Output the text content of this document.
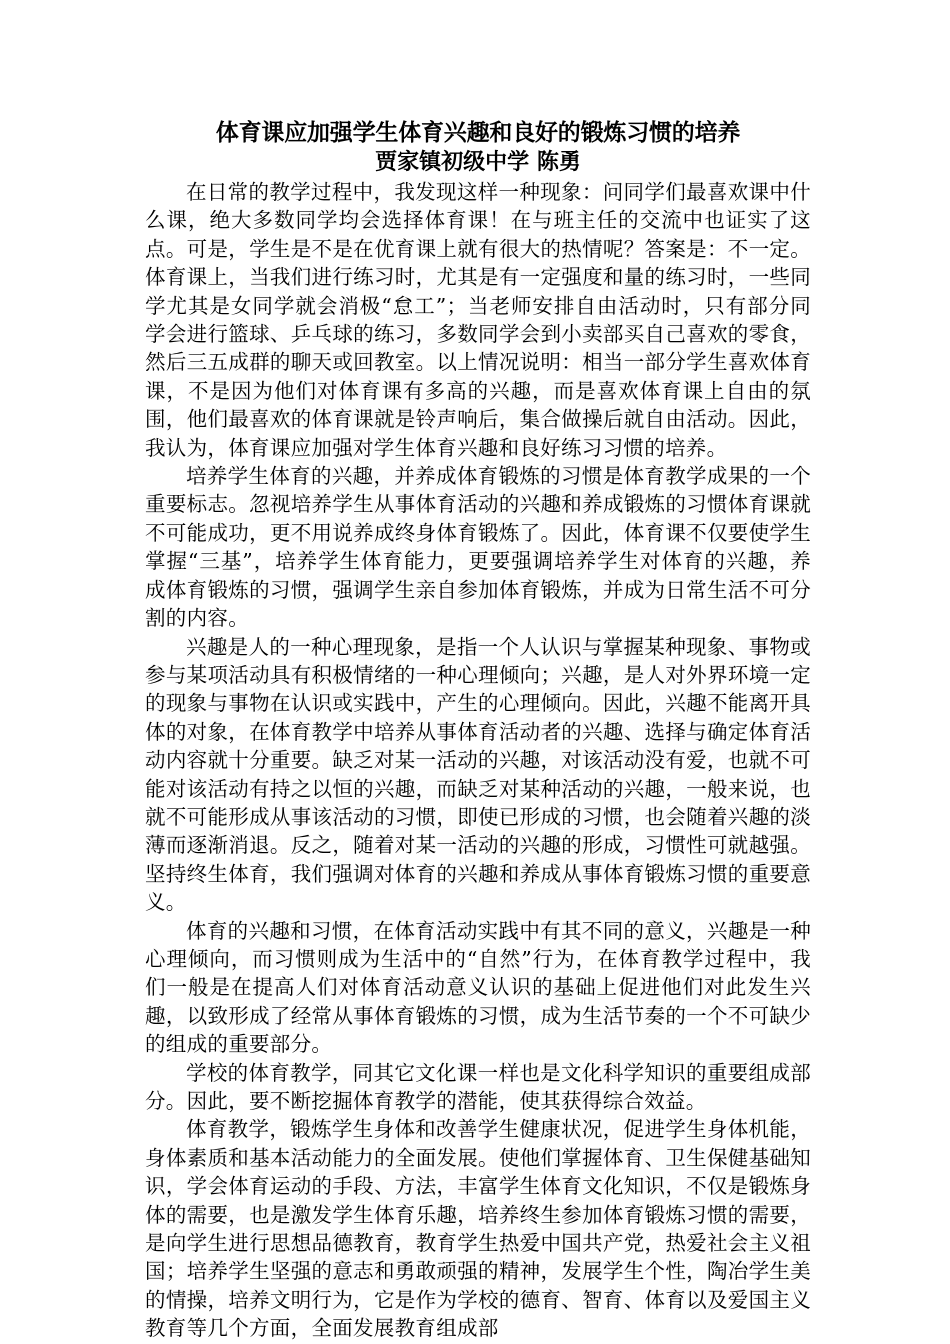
体育课应加强学生体育兴趣和良好的锻炼习惯的培养
贾家镇初级中学 陈勇

在日常的教学过程中，我发现这样一种现象：问同学们最喜欢课中什么课，绝大多数同学均会选择体育课！在与班主任的交流中也证实了这点。可是，学生是不是在优育课上就有很大的热情呢？答案是：不一定。体育课上，当我们进行练习时，尤其是有一定强度和量的练习时，一些同学尤其是女同学就会消极“怠工”；当老师安排自由活动时，只有部分同学会进行篮球、乒乓球的练习，多数同学会到小卖部买自己喜欢的零食，然后三五成群的聊天或回教室。以上情况说明：相当一部分学生喜欢体育课，不是因为他们对体育课有多高的兴趣，而是喜欢体育课上自由的氛围，他们最喜欢的体育课就是铃声响后，集合做操后就自由活动。因此，我认为，体育课应加强对学生体育兴趣和良好练习习惯的培养。

培养学生体育的兴趣，并养成体育锻炼的习惯是体育教学成果的一个重要标志。忽视培养学生从事体育活动的兴趣和养成锻炼的习惯体育课就不可能成功，更不用说养成终身体育锻炼了。因此，体育课不仅要使学生掌握“三基”，培养学生体育能力，更要强调培养学生对体育的兴趣，养成体育锻炼的习惯，强调学生亲自参加体育锻炼，并成为日常生活不可分割的内容。

兴趣是人的一种心理现象，是指一个人认识与掌握某种现象、事物或参与某项活动具有积极情绪的一种心理倾向；兴趣，是人对外界环境一定的现象与事物在认识或实践中，产生的心理倾向。因此，兴趣不能离开具体的对象，在体育教学中培养从事体育活动者的兴趣、选择与确定体育活动内容就十分重要。缺乏对某一活动的兴趣，对该活动没有爱，也就不可能对该活动有持之以恒的兴趣，而缺乏对某种活动的兴趣，一般来说，也就不可能形成从事该活动的习惯，即使已形成的习惯，也会随着兴趣的淡薄而逐渐消退。反之，随着对某一活动的兴趣的形成，习惯性可就越强。坚持终生体育，我们强调对体育的兴趣和养成从事体育锻炼习惯的重要意义。

体育的兴趣和习惯，在体育活动实践中有其不同的意义，兴趣是一种心理倾向，而习惯则成为生活中的“自然”行为，在体育教学过程中，我们一般是在提高人们对体育活动意义认识的基础上促进他们对此发生兴趣，以致形成了经常从事体育锻炼的习惯，成为生活节奏的一个不可缺少的组成的重要部分。

学校的体育教学，同其它文化课一样也是文化科学知识的重要组成部分。因此，要不断挖掘体育教学的潜能，使其获得综合效益。

体育教学，锻炼学生身体和改善学生健康状况，促进学生身体机能，身体素质和基本活动能力的全面发展。使他们掌握体育、卫生保健基础知识，学会体育运动的手段、方法，丰富学生体育文化知识，不仅是锻炼身体的需要，也是激发学生体育乐趣，培养终生参加体育锻炼习惯的需要，是向学生进行思想品德教育，教育学生热爱中国共产党，热爱社会主义祖国；培养学生坚强的意志和勇敢顽强的精神，发展学生个性，陶冶学生美的情操，培养文明行为，它是作为学校的德育、智育、体育以及爱国主义教育等几个方面，全面发展教育组成部
